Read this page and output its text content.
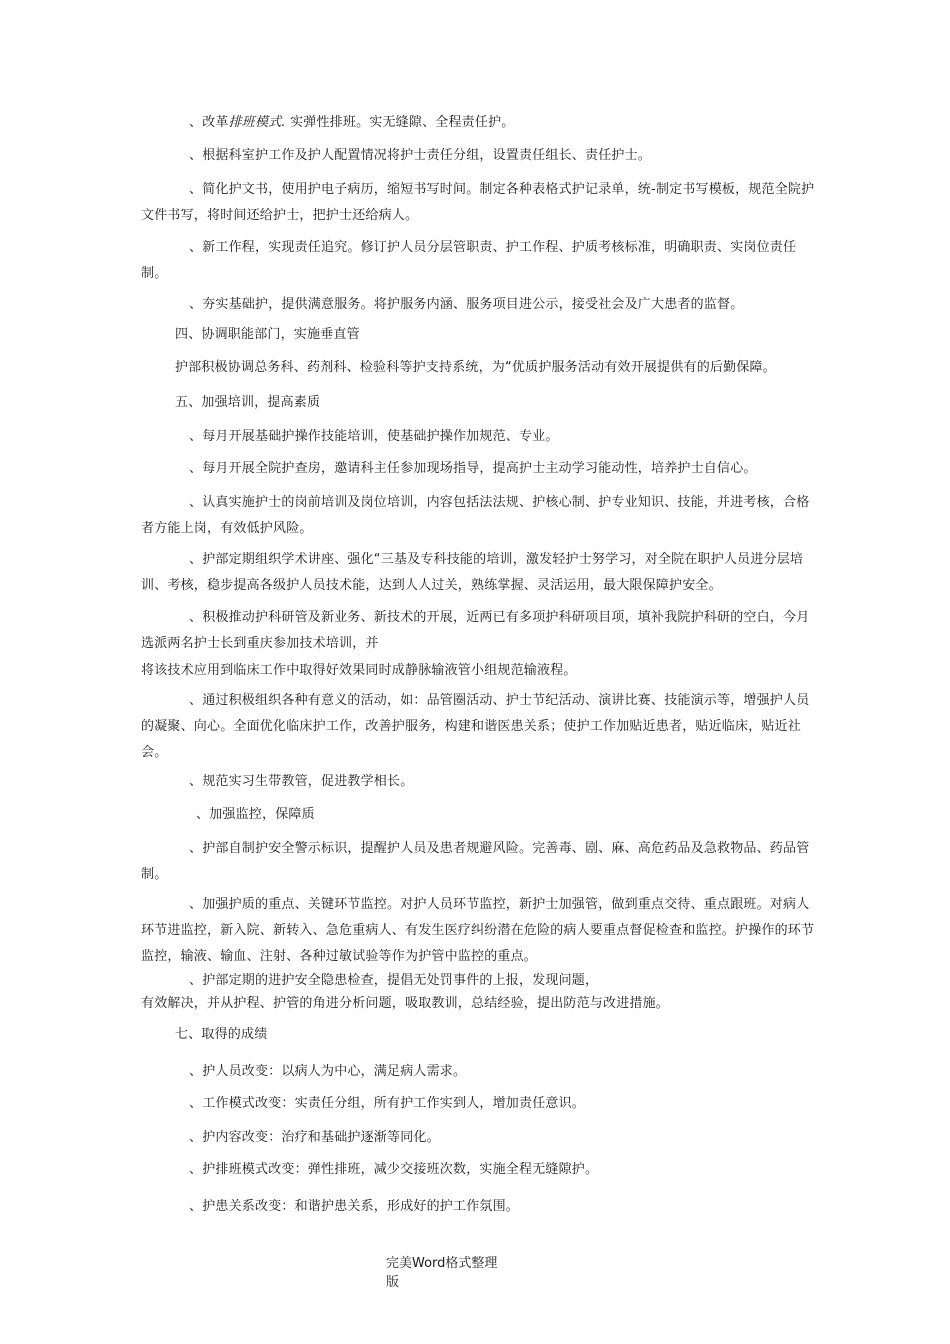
、改革排班模式. 实弹性排班。实无缝隙、全程责任护。

、根据科室护工作及护人配置情况将护士责任分组，设置责任组长、责任护士。

、简化护文书，使用护电子病历，缩短书写时间。制定各种表格式护记录单，统-制定书写模板，规范全院护文件书写，将时间还给护士，把护士还给病人。

、新工作程，实现责任追究。修订护人员分层管职责、护工作程、护质考核标准，明确职责、实岗位责任制。

、夯实基础护，提供满意服务。将护服务内涵、服务项目进公示，接受社会及广大患者的监督。

四、协调职能部门，实施垂直管

护部积极协调总务科、药剂科、检验科等护支持系统，为“优质护服务活动有效开展提供有的后勤保障。

五、加强培训，提高素质

、每月开展基础护操作技能培训，使基础护操作加规范、专业。

、每月开展全院护查房，邀请科主任参加现场指导，提高护士主动学习能动性，培养护士自信心。

、认真实施护士的岗前培训及岗位培训，内容包括法法规、护核心制、护专业知识、技能，并进考核，合格者方能上岗，有效低护风险。

、护部定期组织学术讲座、强化“三基及专科技能的培训，激发轻护士努学习，对全院在职护人员进分层培训、考核，稳步提高各级护人员技术能，达到人人过关，熟练掌握、灵活运用，最大限保障护安全。

、积极推动护科研管及新业务、新技术的开展，近两已有多项护科研项目项，填补我院护科研的空白，今月选派两名护士长到重庆参加技术培训，并

将该技术应用到临床工作中取得好效果同时成静脉输液管小组规范输液程。

、通过积极组织各种有意义的活动，如：品管圈活动、护士节纪活动、演讲比赛、技能演示等，增强护人员的凝聚、向心。全面优化临床护工作，改善护服务，构建和谐医患关系；使护工作加贴近患者，贴近临床，贴近社会。

、规范实习生带教管，促进教学相长。

、加强监控，保障质

、护部自制护安全警示标识，提醒护人员及患者规避风险。完善毒、剧、麻、高危药品及急救物品、药品管制。

、加强护质的重点、关键环节监控。对护人员环节监控，新护士加强管，做到重点交待、重点跟班。对病人环节进监控，新入院、新转入、急危重病人、有发生医疗纠纷潜在危险的病人要重点督促检查和监控。护操作的环节监控，输液、输血、注射、各种过敏试验等作为护管中监控的重点。

、护部定期的进护安全隐患检查，提倡无处罚事件的上报，发现问题，

有效解决，并从护程、护管的角进分析问题，吸取教训，总结经验，提出防范与改进措施。

七、取得的成绩

、护人员改变：以病人为中心，满足病人需求。

、工作模式改变：实责任分组，所有护工作实到人，增加责任意识。

、护内容改变：治疗和基础护逐渐等同化。

、护排班模式改变：弹性排班，减少交接班次数，实施全程无缝隙护。

、护患关系改变：和谐护患关系，形成好的护工作氛围。

完美Word格式整理
版
